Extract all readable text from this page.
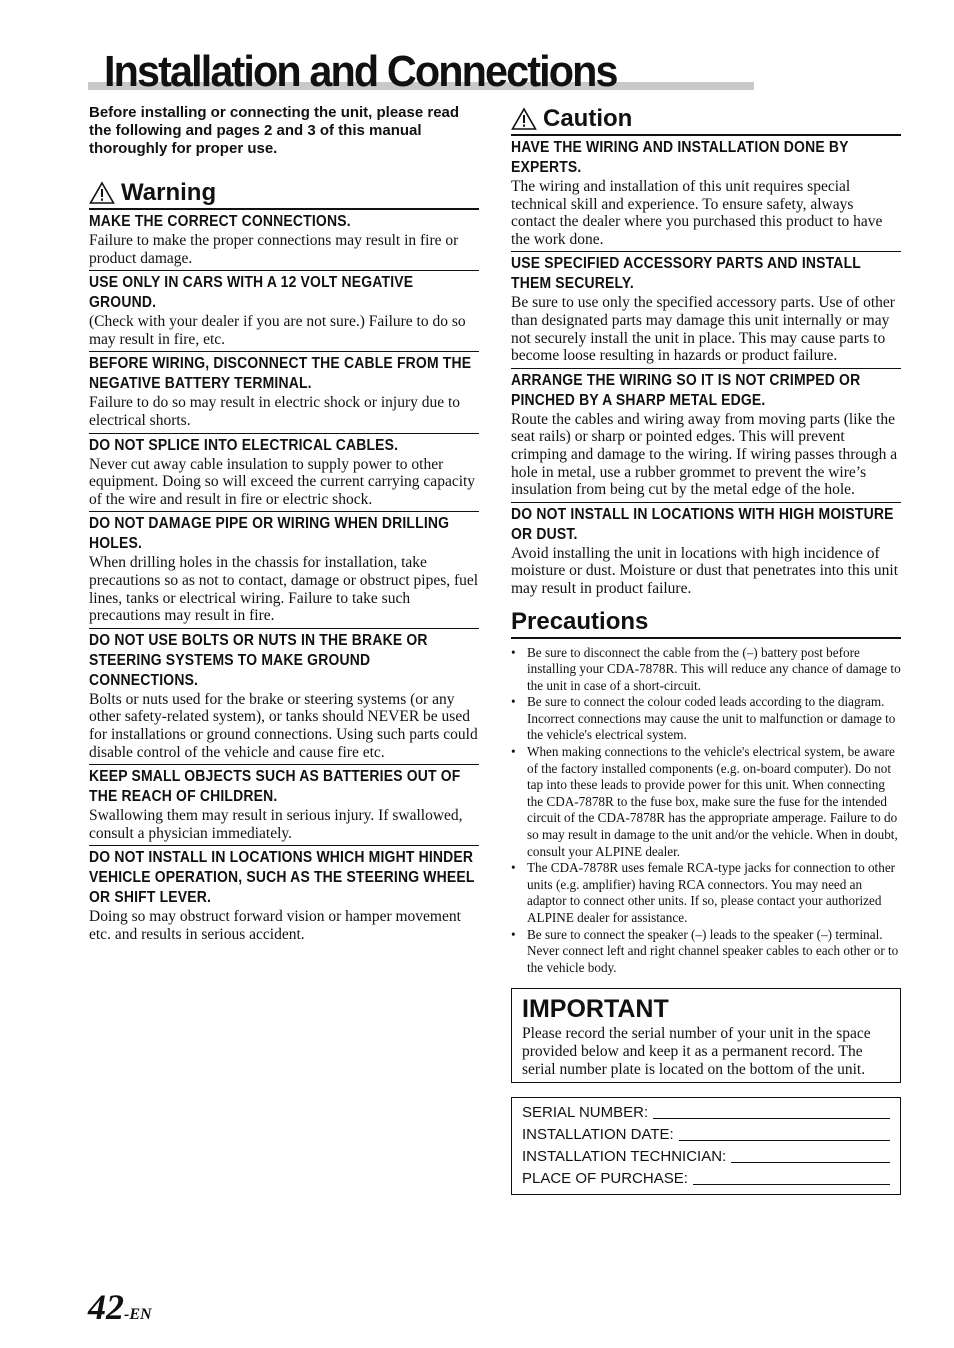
Installation and Connections

Before installing or connecting the unit, please read the following and pages 2 and 3 of this manual thoroughly for proper use.

Warning

MAKE THE CORRECT CONNECTIONS.

Failure to make the proper connections may result in fire or product damage.

USE ONLY IN CARS WITH A 12 VOLT NEGATIVE GROUND.

(Check with your dealer if you are not sure.) Failure to do so may result in fire, etc.

BEFORE WIRING, DISCONNECT THE CABLE FROM THE NEGATIVE BATTERY TERMINAL.

Failure to do so may result in electric shock or injury due to electrical shorts.

DO NOT SPLICE INTO ELECTRICAL CABLES.

Never cut away cable insulation to supply power to other equipment. Doing so will exceed the current carrying capacity of the wire and result in fire or electric shock.

DO NOT DAMAGE PIPE OR WIRING WHEN DRILLING HOLES.

When drilling holes in the chassis for installation, take precautions so as not to contact, damage or obstruct pipes, fuel lines, tanks or electrical wiring. Failure to take such precautions may result in fire.

DO NOT USE BOLTS OR NUTS IN THE BRAKE OR STEERING SYSTEMS TO MAKE GROUND CONNECTIONS.

Bolts or nuts used for the brake or steering systems (or any other safety-related system), or tanks should NEVER be used for installations or ground connections. Using such parts could disable control of the vehicle and cause fire etc.

KEEP SMALL OBJECTS SUCH AS BATTERIES OUT OF THE REACH OF CHILDREN.

Swallowing them may result in serious injury. If swallowed, consult a physician immediately.

DO NOT INSTALL IN LOCATIONS WHICH MIGHT HINDER VEHICLE OPERATION, SUCH AS THE STEERING WHEEL OR SHIFT LEVER.

Doing so may obstruct forward vision or hamper movement etc. and results in serious accident.

Caution

HAVE THE WIRING AND INSTALLATION DONE BY EXPERTS.

The wiring and installation of this unit requires special technical skill and experience. To ensure safety, always contact the dealer where you purchased this product to have the work done.

USE SPECIFIED ACCESSORY PARTS AND INSTALL THEM SECURELY.

Be sure to use only the specified accessory parts. Use of other than designated parts may damage this unit internally or may not securely install the unit in place. This may cause parts to become loose resulting in hazards or product failure.

ARRANGE THE WIRING SO IT IS NOT CRIMPED OR PINCHED BY A SHARP METAL EDGE.

Route the cables and wiring away from moving parts (like the seat rails) or sharp or pointed edges. This will prevent crimping and damage to the wiring. If wiring passes through a hole in metal, use a rubber grommet to prevent the wire’s insulation from being cut by the metal edge of the hole.

DO NOT INSTALL IN LOCATIONS WITH HIGH MOISTURE OR DUST.

Avoid installing the unit in locations with high incidence of moisture or dust. Moisture or dust that penetrates into this unit may result in product failure.

Precautions
• Be sure to disconnect the cable from the (–) battery post before installing your CDA-7878R. This will reduce any chance of damage to the unit in case of a short-circuit.
• Be sure to connect the colour coded leads according to the diagram. Incorrect connections may cause the unit to malfunction or damage to the vehicle's electrical system.
• When making connections to the vehicle's electrical system, be aware of the factory installed components (e.g. on-board computer). Do not tap into these leads to provide power for this unit. When connecting the CDA-7878R to the fuse box, make sure the fuse for the intended circuit of the CDA-7878R has the appropriate amperage. Failure to do so may result in damage to the unit and/or the vehicle. When in doubt, consult your ALPINE dealer.
• The CDA-7878R uses female RCA-type jacks for connection to other units (e.g. amplifier) having RCA connectors. You may need an adaptor to connect other units. If so, please contact your authorized ALPINE dealer for assistance.
• Be sure to connect the speaker (–) leads to the speaker (–) terminal. Never connect left and right channel speaker cables to each other or to the vehicle body.

IMPORTANT

Please record the serial number of your unit in the space provided below and keep it as a permanent record. The serial number plate is located on the bottom of the unit.

SERIAL NUMBER:
INSTALLATION DATE:
INSTALLATION TECHNICIAN:
PLACE OF PURCHASE:
42-EN
